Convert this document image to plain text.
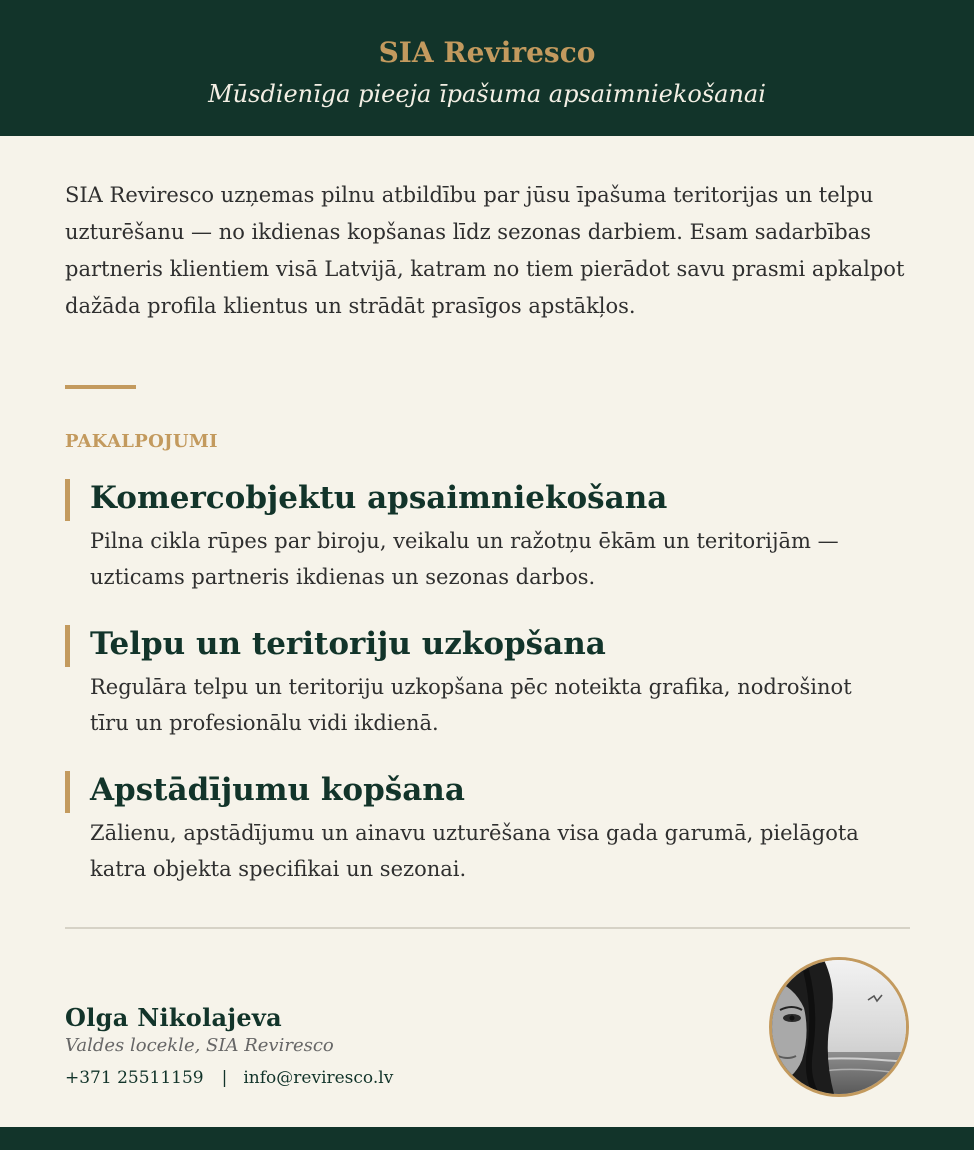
SIA Reviresco
Mūsdienīga pieeja īpašuma apsaimniekošanai

SIA Reviresco uzņemas pilnu atbildību par jūsu īpašuma teritorijas un telpu uzturēšanu — no ikdienas kopšanas līdz sezonas darbiem. Esam sadarbības partneris klientiem visā Latvijā, katram no tiem pierādot savu prasmi apkalpot dažāda profila klientus un strādāt prasīgos apstākļos.

PAKALPOJUMI
Komercobjektu apsaimniekošana

Pilna cikla rūpes par biroju, veikalu un ražotņu ēkām un teritorijām — uzticams partneris ikdienas un sezonas darbos.

Telpu un teritoriju uzkopšana

Regulāra telpu un teritoriju uzkopšana pēc noteikta grafika, nodrošinot tīru un profesionālu vidi ikdienā.

Apstādījumu kopšana

Zālienu, apstādījumu un ainavu uzturēšana visa gada garumā, pielāgota katra objekta specifikai un sezonai.

Olga Nikolajeva
Valdes locekle, SIA Reviresco
+371 25511159 | info@reviresco.lv
